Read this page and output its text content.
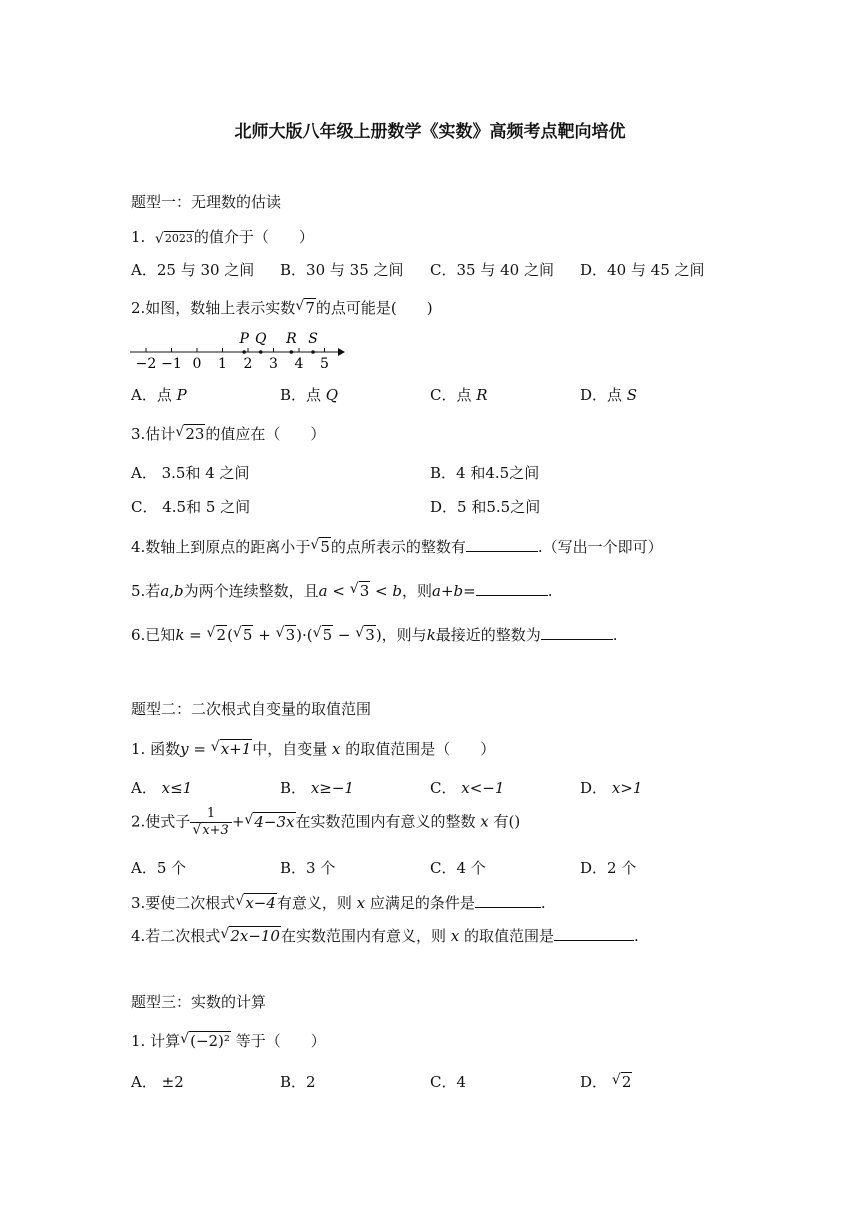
北师大版八年级上册数学《实数》高频考点靶向培优
题型一：无理数的估读
1. √ 2023的值介于（　　）
A．25 与 30 之间 B．30 与 35 之间 C．35 与 40 之间 D．40 与 45 之间
2.如图，数轴上表示实数 √ 7的点可能是(　　)
−2 −1 0 1 2 3 4 5
P Q R S
A．点 P	B．点 Q	C．点 R	D．点 S
3.估计 √ 23的值应在（　　）
A． 3.5和 4 之间	B．4 和4.5之间
C． 4.5和 5 之间	D．5 和5.5之间
4.数轴上到原点的距离小于 √ 5的点所表示的整数有	.（写出一个即可）
5.若a,b为两个连续整数，且a < √ 3 < b，则a+b=	.
6.已知k = √ 2( √ 5 + √ 3)·( √ 5 − √ 3)，则与k最接近的整数为	.
题型二：二次根式自变量的取值范围
1. 函数y = √ x+1中，自变量 x 的取值范围是（　　）
A． x≤1	B． x≥−1	C． x<−1	D． x>1
2.使式子 1
√ x+3 + √ 4−3x在实数范围内有意义的整数 x 有()
A．5 个	B．3 个	C．4 个	D．2 个
3.要使二次根式 √ x−4有意义，则 x 应满足的条件是	.
4.若二次根式 √ 2x−10在实数范围内有意义，则 x 的取值范围是	.
题型三：实数的计算
1. 计算 √ (−2)² 等于（　　）
A． ±2	B．2	C．4	D． √ 2
